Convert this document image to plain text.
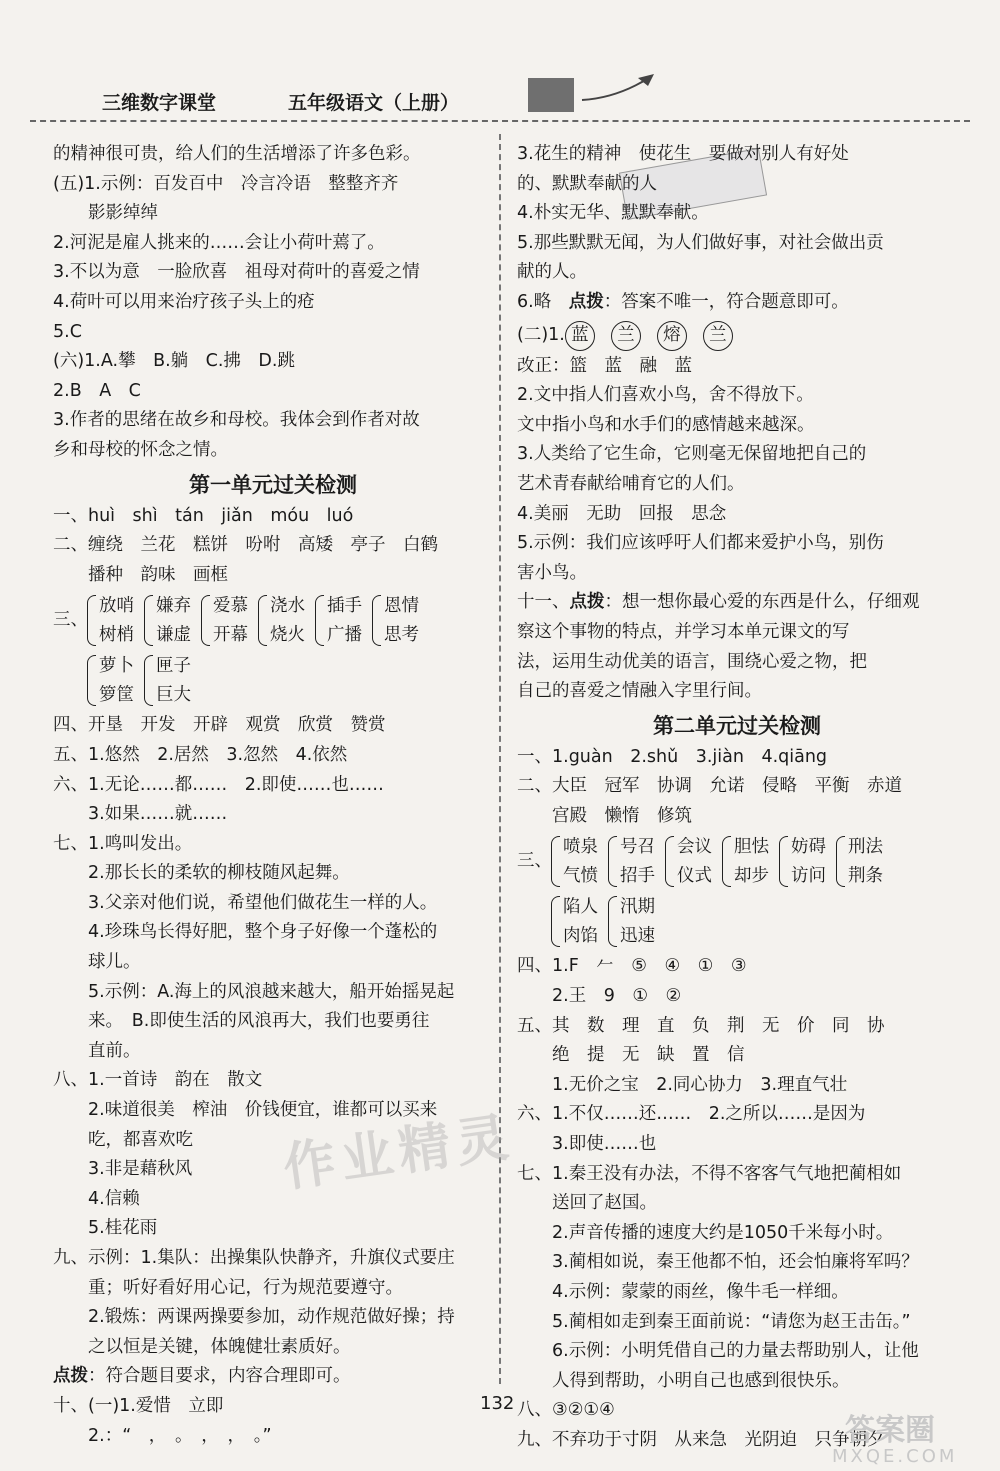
三维数字课堂	五年级语文（上册）
的精神很可贵，给人们的生活增添了许多色彩。
(五)1.示例：百发百中　冷言冷语　整整齐齐
　　影影绰绰
2.河泥是雇人挑来的……会让小荷叶蔫了。
3.不以为意　一脸欣喜　祖母对荷叶的喜爱之情
4.荷叶可以用来治疗孩子头上的疮
5.C
(六)1.A.攀　B.躺　C.拂　D.跳
2.B　A　C
3.作者的思绪在故乡和母校。我体会到作者对故
乡和母校的怀念之情。
第一单元过关检测
一、huì　shì　tán　jiǎn　móu　luó
二、缠绕　兰花　糕饼　吩咐　高矮　亭子　白鹤
　　播种　韵味　画框
三、
放哨
树梢
嫌弃
谦虚
爱慕
开幕
浇水
烧火
插手
广播
恩情
思考
萝卜
箩筐
匣子
巨大
四、开垦　开发　开辟　观赏　欣赏　赞赏
五、1.悠然　2.居然　3.忽然　4.依然
六、1.无论……都……　2.即使……也……
　　3.如果……就……
七、1.鸣叫发出。
　　2.那长长的柔软的柳枝随风起舞。
　　3.父亲对他们说，希望他们做花生一样的人。
　　4.珍珠鸟长得好肥，整个身子好像一个蓬松的
　　球儿。
　　5.示例：A.海上的风浪越来越大，船开始摇晃起
　　来。　B.即使生活的风浪再大，我们也要勇往
　　直前。
八、1.一首诗　韵在　散文
　　2.味道很美　榨油　价钱便宜，谁都可以买来
　　吃，都喜欢吃
　　3.非是藉秋风
　　4.信赖
　　5.桂花雨
九、示例：1.集队：出操集队快静齐，升旗仪式要庄
　　重；听好看好用心记，行为规范要遵守。
　　2.锻炼：两课两操要参加，动作规范做好操；持
　　之以恒是关键，体魄健壮素质好。
点拨：符合题目要求，内容合理即可。
十、(一)1.爱惜　立即
　　2.：“　，　。　，　，　。”
3.花生的精神　使花生　要做对别人有好处
的、默默奉献的人
4.朴实无华、默默奉献。
5.那些默默无闻，为人们做好事，对社会做出贡
献的人。
6.略　点拨：答案不唯一，符合题意即可。
(二)1. 蓝 兰 熔 兰
改正：篮　蓝　融　蓝
2.文中指人们喜欢小鸟，舍不得放下。
文中指小鸟和水手们的感情越来越深。
3.人类给了它生命，它则毫无保留地把自己的
艺术青春献给哺育它的人们。
4.美丽　无助　回报　思念
5.示例：我们应该呼吁人们都来爱护小鸟，别伤
害小鸟。
十一、点拨：想一想你最心爱的东西是什么，仔细观
察这个事物的特点，并学习本单元课文的写
法，运用生动优美的语言，围绕心爱之物，把
自己的喜爱之情融入字里行间。
第二单元过关检测
一、1.guàn　2.shǔ　3.jiàn　4.qiāng
二、大臣　冠军　协调　允诺　侵略　平衡　赤道
　　宫殿　懒惰　修筑
三、
喷泉
气愤
号召
招手
会议
仪式
胆怯
却步
妨碍
访问
刑法
荆条
陷人
肉馅
汛期
迅速
四、1.F　𠂉　⑤　④　①　③
　　2.王　9　①　②
五、其　数　理　直　负　荆　无　价　同　协
　　绝　提　无　缺　置　信
　　1.无价之宝　2.同心协力　3.理直气壮
六、1.不仅……还……　2.之所以……是因为
　　3.即使……也
七、1.秦王没有办法，不得不客客气气地把蔺相如
　　送回了赵国。
　　2.声音传播的速度大约是1050千米每小时。
　　3.蔺相如说，秦王他都不怕，还会怕廉将军吗？
　　4.示例：蒙蒙的雨丝，像牛毛一样细。
　　5.蔺相如走到秦王面前说：“请您为赵王击缶。”
　　6.示例：小明凭借自己的力量去帮助别人，让他
　　人得到帮助，小明自己也感到很快乐。
八、③②①④
九、不弃功于寸阴　从来急　光阴迫　只争朝夕
作业精灵
132
答案圈
MXQE.COM
